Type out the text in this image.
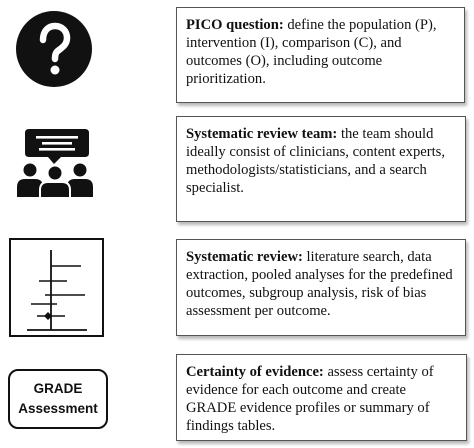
GRADE
Assessment
PICO question: define the population (P), intervention (I), comparison (C), and outcomes (O), including outcome prioritization.
Systematic review team: the team should ideally consist of clinicians, content experts, methodologists/statisticians, and a search specialist.
Systematic review: literature search, data extraction, pooled analyses for the predefined outcomes, subgroup analysis, risk of bias assessment per outcome.
Certainty of evidence: assess certainty of evidence for each outcome and create GRADE evidence profiles or summary of findings tables.
